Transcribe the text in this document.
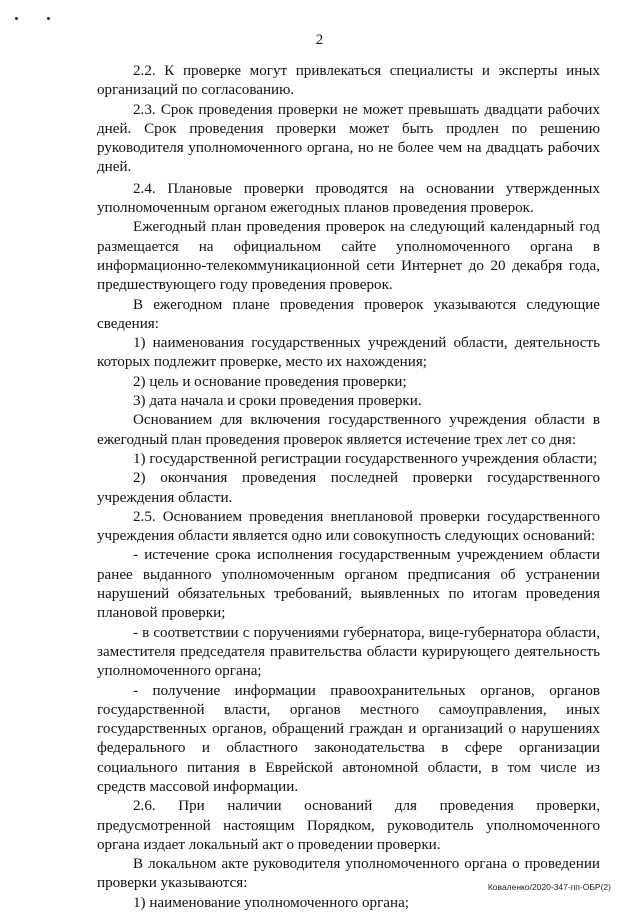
2

2.2. К проверке могут привлекаться специалисты и эксперты иных организаций по согласованию.

2.3. Срок проведения проверки не может превышать двадцати рабочих дней. Срок проведения проверки может быть продлен по решению руководителя уполномоченного органа, но не более чем на двадцать рабочих дней.

2.4. Плановые проверки проводятся на основании утвержденных уполномоченным органом ежегодных планов проведения проверок.

Ежегодный план проведения проверок на следующий календарный год размещается на официальном сайте уполномоченного органа в информационно-телекоммуникационной сети Интернет до 20 декабря года, предшествующего году проведения проверок.

В ежегодном плане проведения проверок указываются следующие сведения:

1) наименования государственных учреждений области, деятельность которых подлежит проверке, место их нахождения;

2) цель и основание проведения проверки;

3) дата начала и сроки проведения проверки.

Основанием для включения государственного учреждения области в ежегодный план проведения проверок является истечение трех лет со дня:

1) государственной регистрации государственного учреждения области;

2) окончания проведения последней проверки государственного учреждения области.

2.5. Основанием проведения внеплановой проверки государственного учреждения области является одно или совокупность следующих оснований:

- истечение срока исполнения государственным учреждением области ранее выданного уполномоченным органом предписания об устранении нарушений обязательных требований, выявленных по итогам проведения плановой проверки;

- в соответствии с поручениями губернатора, вице-губернатора области, заместителя председателя правительства области курирующего деятельность уполномоченного органа;

- получение информации правоохранительных органов, органов государственной власти, органов местного самоуправления, иных государственных органов, обращений граждан и организаций о нарушениях федерального и областного законодательства в сфере организации социального питания в Еврейской автономной области, в том числе из средств массовой информации.

2.6. При наличии оснований для проведения проверки, предусмотренной настоящим Порядком, руководитель уполномоченного органа издает локальный акт о проведении проверки.

В локальном акте руководителя уполномоченного органа о проведении проверки указываются:

1) наименование уполномоченного органа;

Коваленко/2020-347-пп-ОБР(2)
